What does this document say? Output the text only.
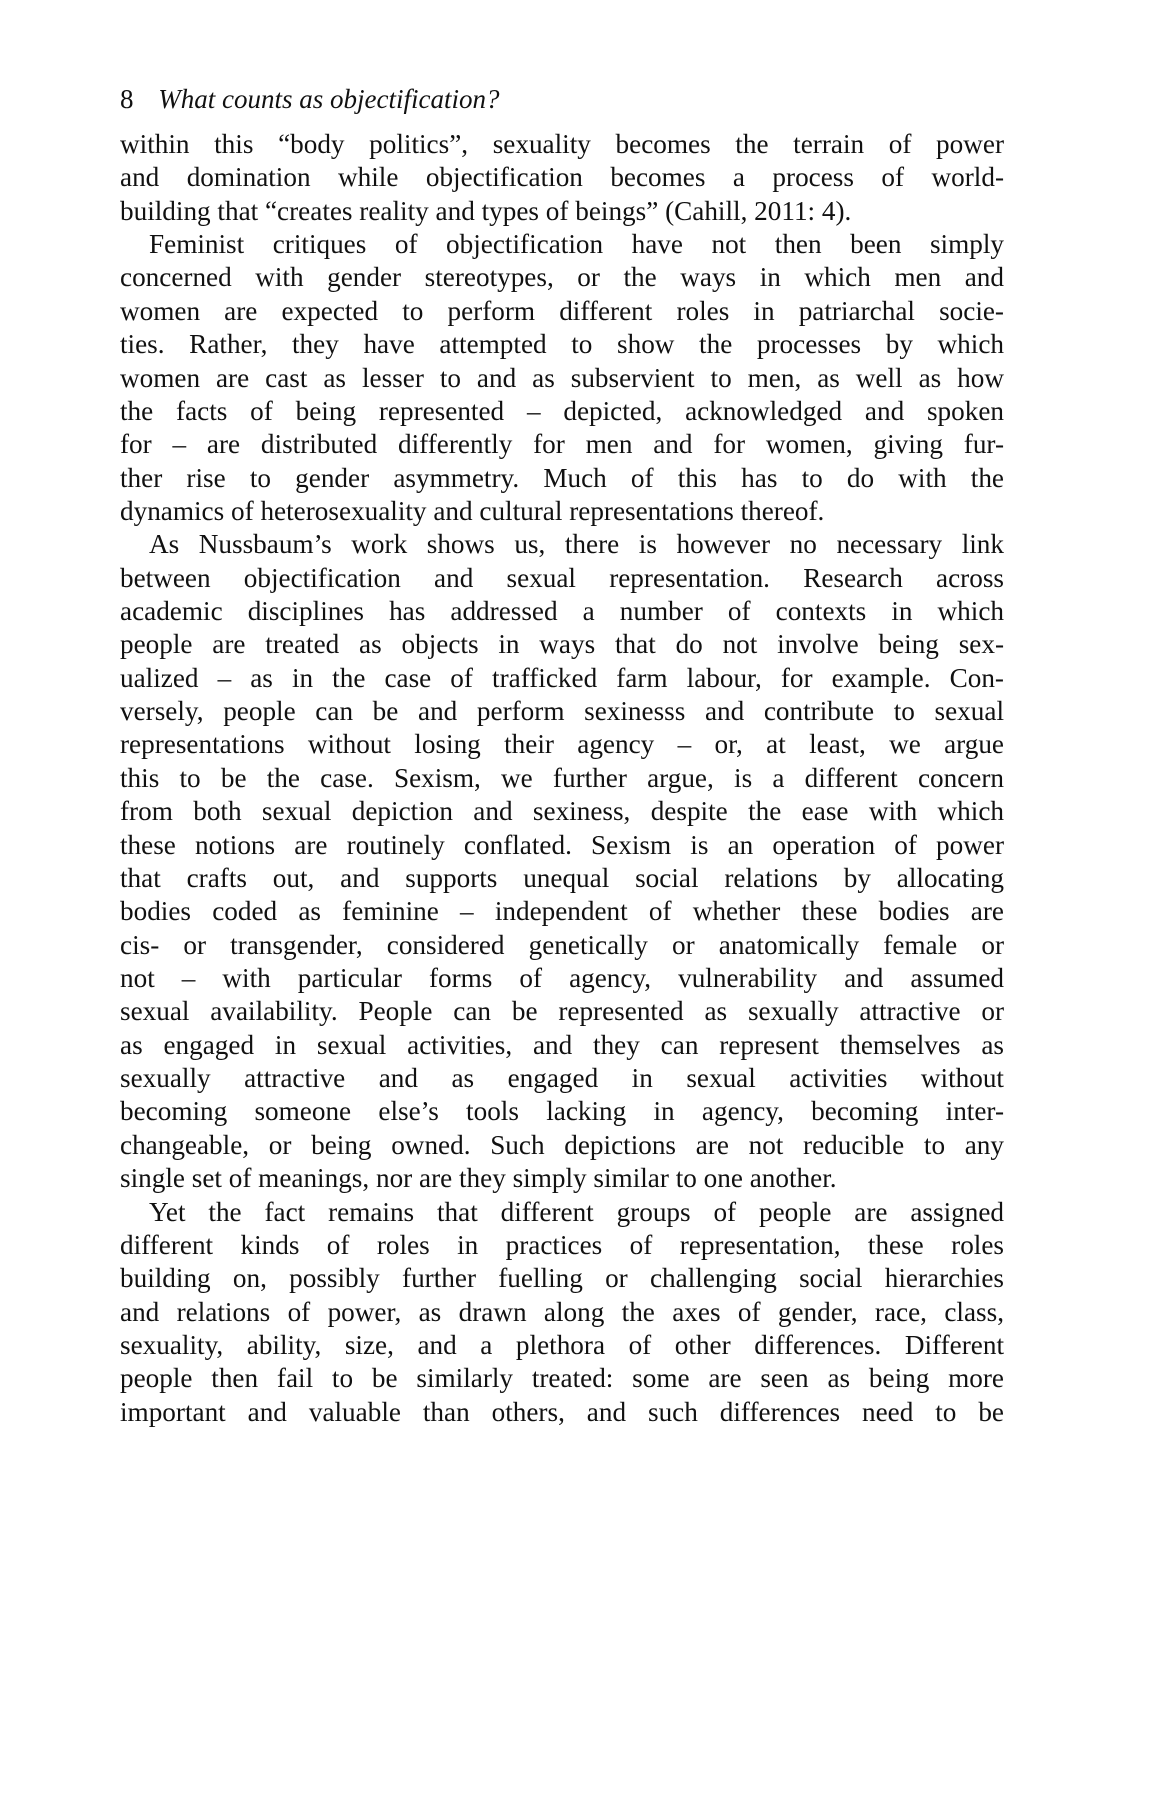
8 What counts as objectification?
within this “body politics”, sexuality becomes the terrain of power
and domination while objectification becomes a process of world-
building that “creates reality and types of beings” (Cahill, 2011: 4).
Feminist critiques of objectification have not then been simply
concerned with gender stereotypes, or the ways in which men and
women are expected to perform different roles in patriarchal socie-
ties. Rather, they have attempted to show the processes by which
women are cast as lesser to and as subservient to men, as well as how
the facts of being represented – depicted, acknowledged and spoken
for – are distributed differently for men and for women, giving fur-
ther rise to gender asymmetry. Much of this has to do with the
dynamics of heterosexuality and cultural representations thereof.
As Nussbaum’s work shows us, there is however no necessary link
between objectification and sexual representation. Research across
academic disciplines has addressed a number of contexts in which
people are treated as objects in ways that do not involve being sex-
ualized – as in the case of trafficked farm labour, for example. Con-
versely, people can be and perform sexinesss and contribute to sexual
representations without losing their agency – or, at least, we argue
this to be the case. Sexism, we further argue, is a different concern
from both sexual depiction and sexiness, despite the ease with which
these notions are routinely conflated. Sexism is an operation of power
that crafts out, and supports unequal social relations by allocating
bodies coded as feminine – independent of whether these bodies are
cis- or transgender, considered genetically or anatomically female or
not – with particular forms of agency, vulnerability and assumed
sexual availability. People can be represented as sexually attractive or
as engaged in sexual activities, and they can represent themselves as
sexually attractive and as engaged in sexual activities without
becoming someone else’s tools lacking in agency, becoming inter-
changeable, or being owned. Such depictions are not reducible to any
single set of meanings, nor are they simply similar to one another.
Yet the fact remains that different groups of people are assigned
different kinds of roles in practices of representation, these roles
building on, possibly further fuelling or challenging social hierarchies
and relations of power, as drawn along the axes of gender, race, class,
sexuality, ability, size, and a plethora of other differences. Different
people then fail to be similarly treated: some are seen as being more
important and valuable than others, and such differences need to be
